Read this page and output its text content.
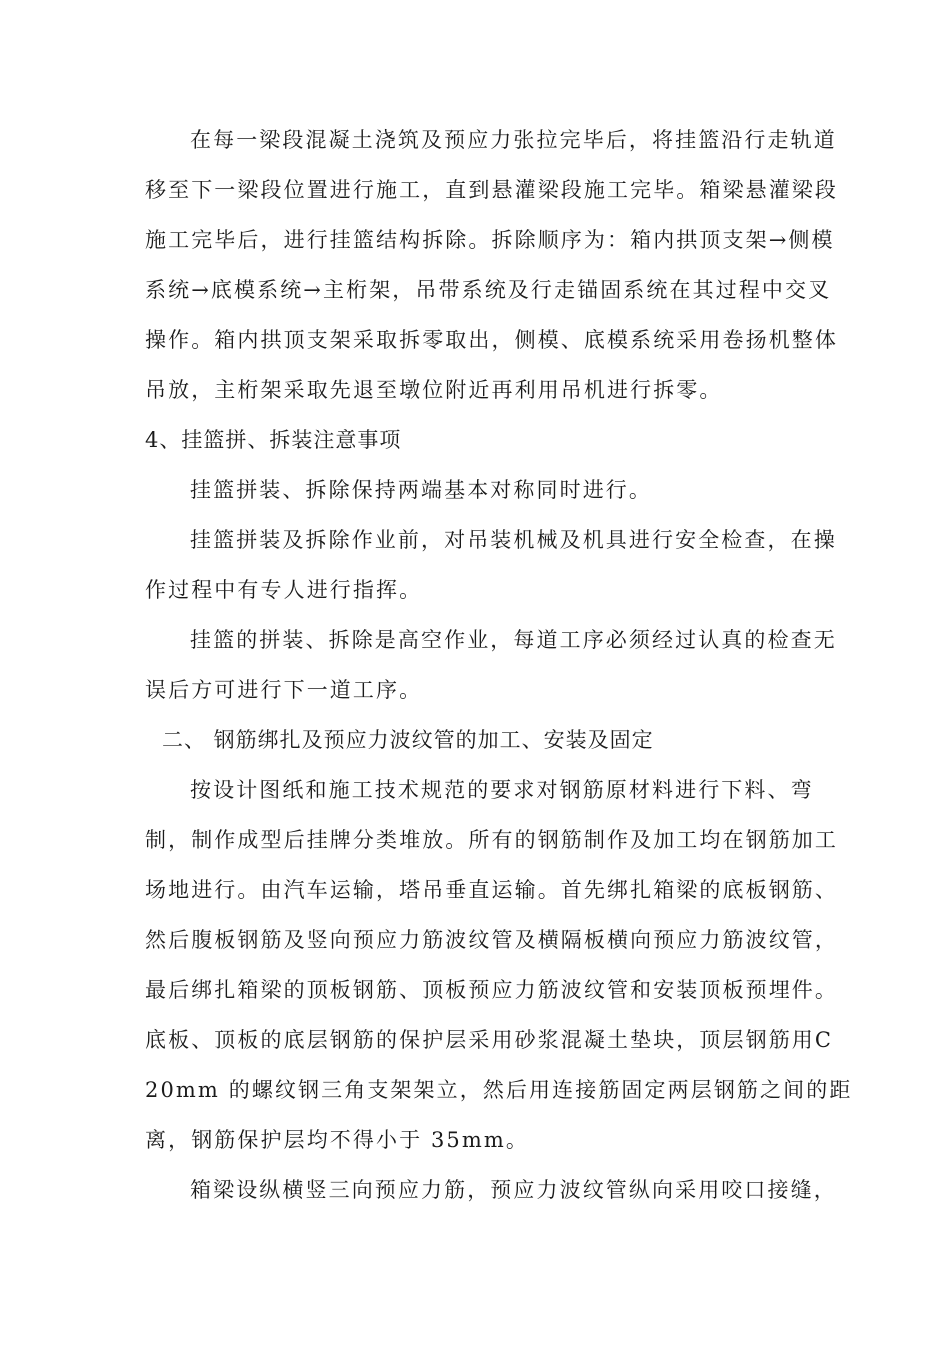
在每一梁段混凝土浇筑及预应力张拉完毕后，将挂篮沿行走轨道
移至下一梁段位置进行施工，直到悬灌梁段施工完毕。箱梁悬灌梁段
施工完毕后，进行挂篮结构拆除。拆除顺序为：箱内拱顶支架→侧模
系统→底模系统→主桁架，吊带系统及行走锚固系统在其过程中交叉
操作。箱内拱顶支架采取拆零取出，侧模、底模系统采用卷扬机整体
吊放，主桁架采取先退至墩位附近再利用吊机进行拆零。
4、挂篮拼、拆装注意事项
挂篮拼装、拆除保持两端基本对称同时进行。
挂篮拼装及拆除作业前，对吊装机械及机具进行安全检查，在操
作过程中有专人进行指挥。
挂篮的拼装、拆除是高空作业，每道工序必须经过认真的检查无
误后方可进行下一道工序。
二、 钢筋绑扎及预应力波纹管的加工、安装及固定
按设计图纸和施工技术规范的要求对钢筋原材料进行下料、弯
制，制作成型后挂牌分类堆放。所有的钢筋制作及加工均在钢筋加工
场地进行。由汽车运输，塔吊垂直运输。首先绑扎箱梁的底板钢筋、
然后腹板钢筋及竖向预应力筋波纹管及横隔板横向预应力筋波纹管，
最后绑扎箱梁的顶板钢筋、顶板预应力筋波纹管和安装顶板预埋件。
底板、顶板的底层钢筋的保护层采用砂浆混凝土垫块，顶层钢筋用Ⅽ
20mm 的螺纹钢三角支架架立，然后用连接筋固定两层钢筋之间的距
离，钢筋保护层均不得小于 35mm。
箱梁设纵横竖三向预应力筋，预应力波纹管纵向采用咬口接缝，
